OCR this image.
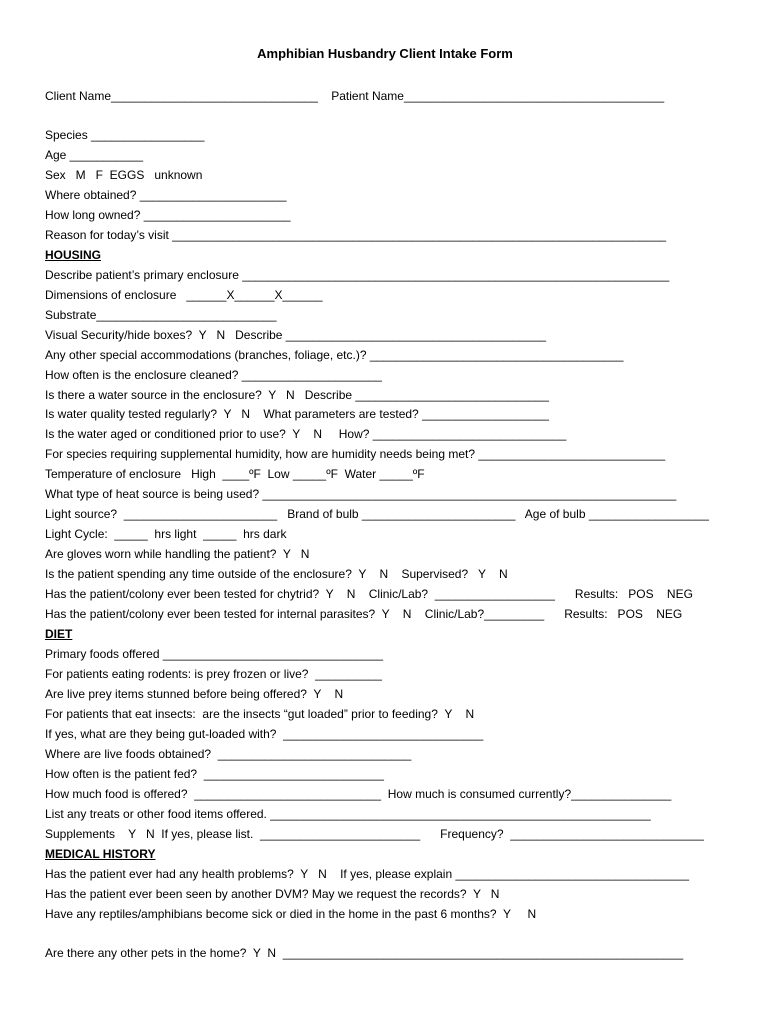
Amphibian Husbandry Client Intake Form
Client Name_______________________________    Patient Name_______________________________________
Species _________________
Age ___________
Sex   M   F  EGGS   unknown
Where obtained? ______________________
How long owned? ______________________
Reason for today’s visit __________________________________________________________________________
HOUSING
Describe patient’s primary enclosure ________________________________________________________________
Dimensions of enclosure   ______X______X______
Substrate___________________________
Visual Security/hide boxes?  Y   N   Describe _______________________________________
Any other special accommodations (branches, foliage, etc.)? ______________________________________
How often is the enclosure cleaned? _____________________
Is there a water source in the enclosure?  Y   N   Describe _____________________________
Is water quality tested regularly?  Y   N    What parameters are tested? ___________________
Is the water aged or conditioned prior to use?  Y    N     How? _____________________________
For species requiring supplemental humidity, how are humidity needs being met? ____________________________
Temperature of enclosure   High  ____ºF  Low _____ºF  Water _____ºF
What type of heat source is being used? ______________________________________________________________
Light source?  _______________________   Brand of bulb _______________________   Age of bulb __________________
Light Cycle:  _____  hrs light  _____  hrs dark
Are gloves worn while handling the patient?  Y   N
Is the patient spending any time outside of the enclosure?  Y    N    Supervised?   Y    N
Has the patient/colony ever been tested for chytrid?  Y    N    Clinic/Lab?  __________________      Results:   POS    NEG
Has the patient/colony ever been tested for internal parasites?  Y    N    Clinic/Lab?_________      Results:   POS    NEG
DIET
Primary foods offered _________________________________
For patients eating rodents: is prey frozen or live?  __________
Are live prey items stunned before being offered?  Y    N
For patients that eat insects:  are the insects “gut loaded” prior to feeding?  Y    N
If yes, what are they being gut-loaded with?  ______________________________
Where are live foods obtained?  _____________________________
How often is the patient fed?  ___________________________
How much food is offered?  ____________________________  How much is consumed currently?_______________
List any treats or other food items offered. _________________________________________________________
Supplements    Y   N  If yes, please list.  ________________________      Frequency?  _____________________________
MEDICAL HISTORY
Has the patient ever had any health problems?  Y   N    If yes, please explain ___________________________________
Has the patient ever been seen by another DVM? May we request the records?  Y   N
Have any reptiles/amphibians become sick or died in the home in the past 6 months?  Y     N
Are there any other pets in the home?  Y  N  ____________________________________________________________
